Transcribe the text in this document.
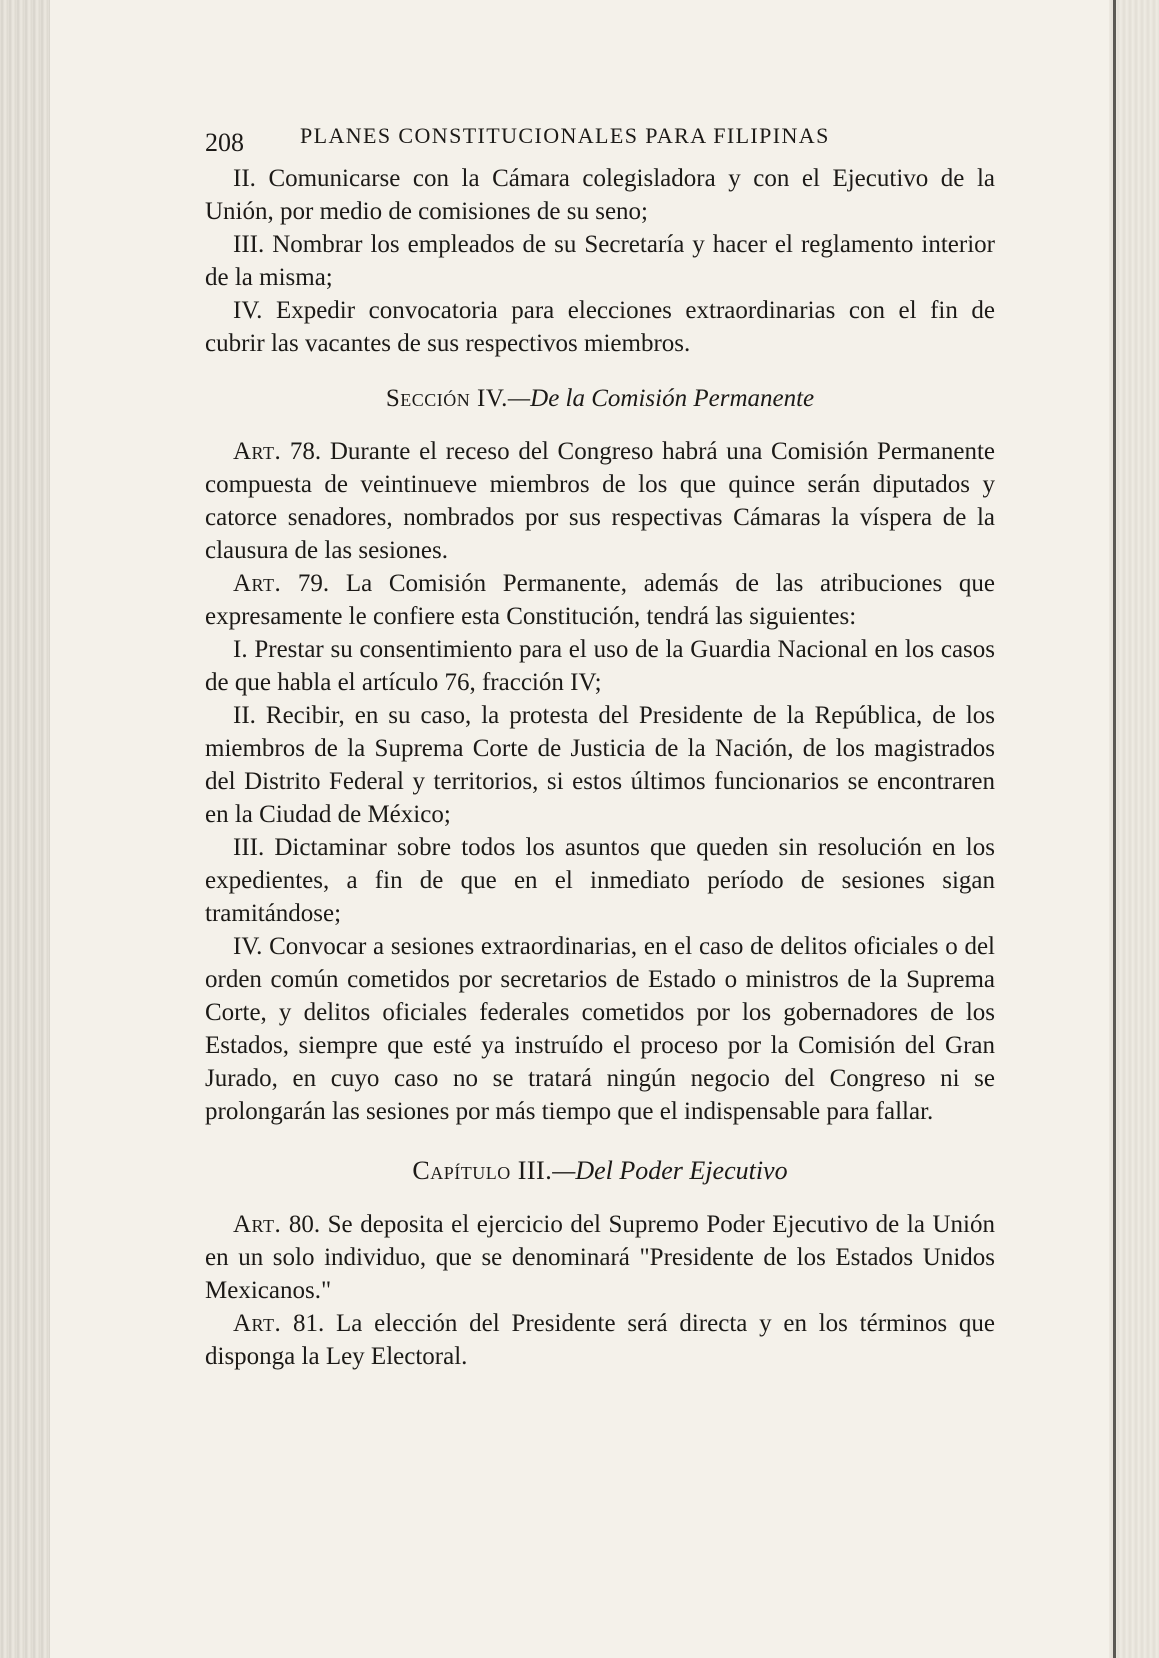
208	PLANES CONSTITUCIONALES PARA FILIPINAS

II. Comunicarse con la Cámara colegisladora y con el Ejecutivo de la Unión, por medio de comisiones de su seno;

III. Nombrar los empleados de su Secretaría y hacer el reglamento interior de la misma;

IV. Expedir convocatoria para elecciones extraordinarias con el fin de cubrir las vacantes de sus respectivos miembros.

Sección IV.—De la Comisión Permanente

Art. 78. Durante el receso del Congreso habrá una Comisión Permanente compuesta de veintinueve miembros de los que quince serán diputados y catorce senadores, nombrados por sus respectivas Cámaras la víspera de la clausura de las sesiones.

Art. 79. La Comisión Permanente, además de las atribuciones que expresamente le confiere esta Constitución, tendrá las siguientes:

I. Prestar su consentimiento para el uso de la Guardia Nacional en los casos de que habla el artículo 76, fracción IV;

II. Recibir, en su caso, la protesta del Presidente de la República, de los miembros de la Suprema Corte de Justicia de la Nación, de los magistrados del Distrito Federal y territorios, si estos últimos funcionarios se encontraren en la Ciudad de México;

III. Dictaminar sobre todos los asuntos que queden sin resolución en los expedientes, a fin de que en el inmediato período de sesiones sigan tramitándose;

IV. Convocar a sesiones extraordinarias, en el caso de delitos oficiales o del orden común cometidos por secretarios de Estado o ministros de la Suprema Corte, y delitos oficiales federales cometidos por los gobernadores de los Estados, siempre que esté ya instruído el proceso por la Comisión del Gran Jurado, en cuyo caso no se tratará ningún negocio del Congreso ni se prolongarán las sesiones por más tiempo que el indispensable para fallar.

Capítulo III.—Del Poder Ejecutivo

Art. 80. Se deposita el ejercicio del Supremo Poder Ejecutivo de la Unión en un solo individuo, que se denominará "Presidente de los Estados Unidos Mexicanos."

Art. 81. La elección del Presidente será directa y en los términos que disponga la Ley Electoral.
